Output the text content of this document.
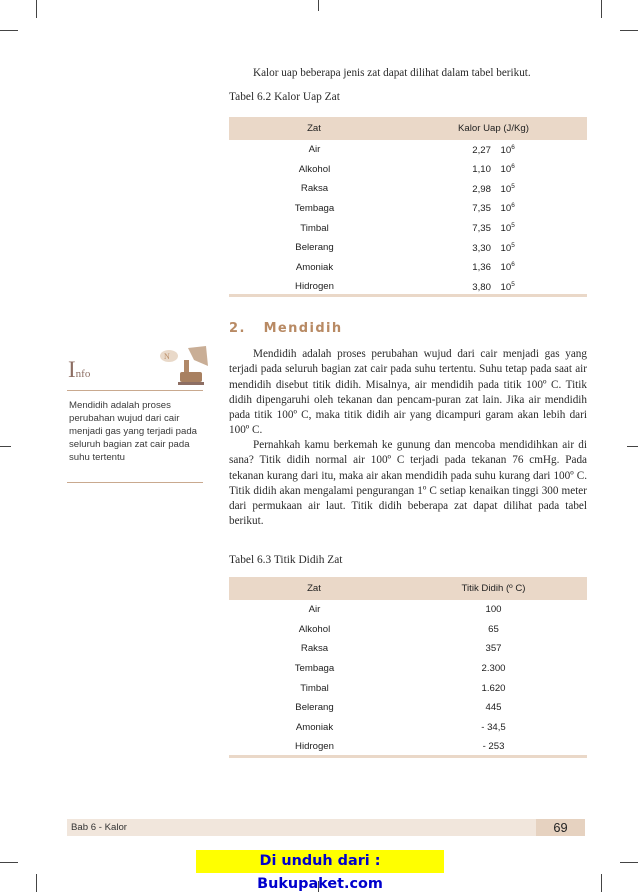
Kalor uap beberapa jenis zat dapat dilihat dalam tabel berikut.

Tabel 6.2 Kalor Uap Zat
Zat	Kalor Uap (J/Kg)
Air	2,27  $10^6$
Alkohol	1,10  $10^6$
Raksa	2,98  $10^5$
Tembaga	7,35  $10^6$
Timbal	7,35  $10^5$
Belerang	3,30  $10^5$
Amoniak	1,36  $10^6$
Hidrogen	3,80  $10^5$
2. Mendidih
Info
N

Mendidih adalah proses perubahan wujud dari cair menjadi gas yang terjadi pada seluruh bagian zat cair pada suhu tertentu

Mendidih adalah proses perubahan wujud dari cair menjadi gas yang terjadi pada seluruh bagian zat cair pada suhu tertentu. Suhu tetap pada saat air mendidih disebut titik didih. Misalnya, air mendidih pada titik 100º C. Titik didih dipengaruhi oleh tekanan dan pencam-puran zat lain. Jika air mendidih pada titik 100º C, maka titik didih air yang dicampuri garam akan lebih dari 100º C.

Pernahkah kamu berkemah ke gunung dan mencoba mendidihkan air di sana? Titik didih normal air 100º C terjadi pada tekanan 76 cmHg. Pada tekanan kurang dari itu, maka air akan mendidih pada suhu kurang dari 100º C. Titik didih akan mengalami pengurangan 1º C setiap kenaikan tinggi 300 meter dari permukaan air laut. Titik didih beberapa zat dapat dilihat pada tabel berikut.

Tabel 6.3 Titik Didih Zat
Zat	Titik Didih (º C)
Air	100
Alkohol	65
Raksa	357
Tembaga	2.300
Timbal	1.620
Belerang	445
Amoniak	- 34,5
Hidrogen	- 253
Bab 6 - Kalor	69
Di unduh dari : Bukupaket.com
